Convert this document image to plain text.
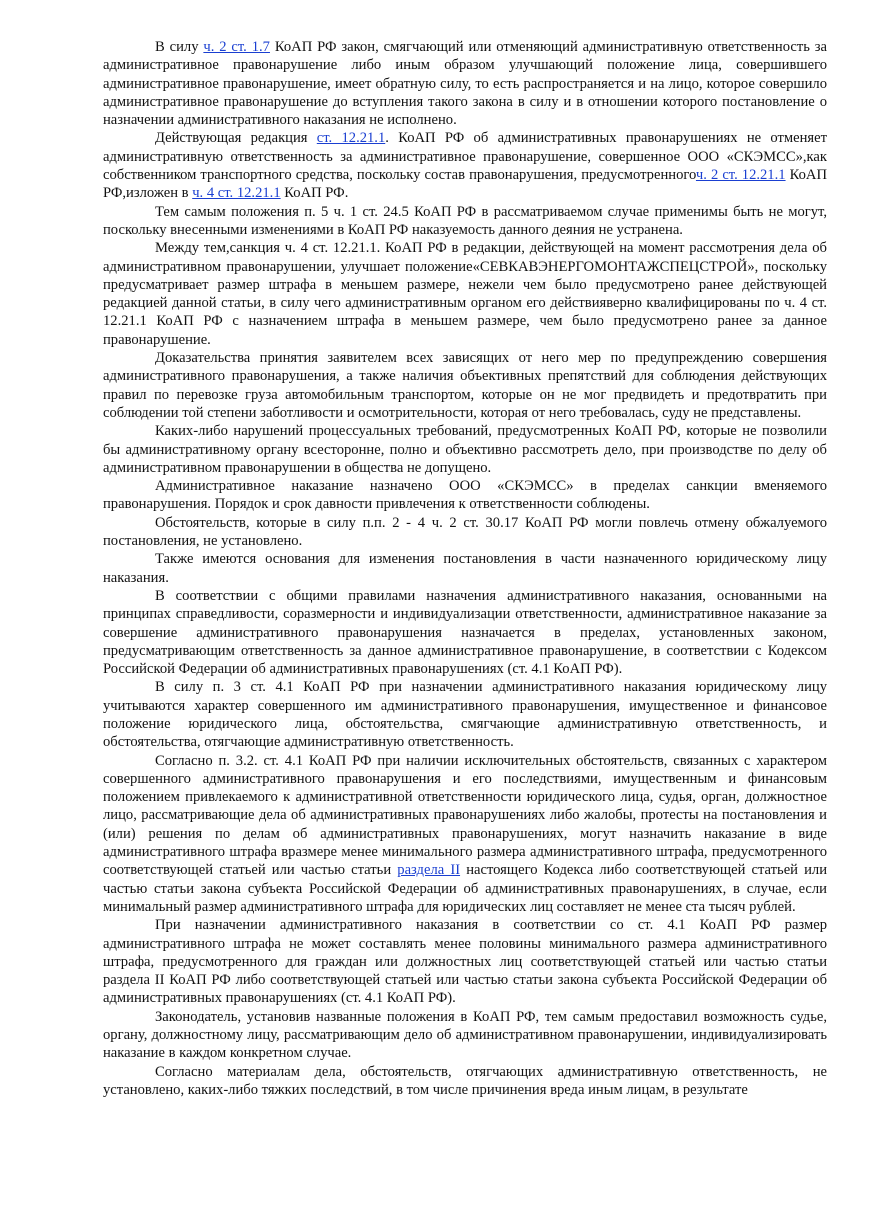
В силу ч. 2 ст. 1.7 КоАП РФ закон, смягчающий или отменяющий административную ответственность за административное правонарушение либо иным образом улучшающий положение лица, совершившего административное правонарушение, имеет обратную силу, то есть распространяется и на лицо, которое совершило административное правонарушение до вступления такого закона в силу и в отношении которого постановление о назначении административного наказания не исполнено.

Действующая редакция ст. 12.21.1. КоАП РФ об административных правонарушениях не отменяет административную ответственность за административное правонарушение, совершенное ООО «СКЭМСС»,как собственником транспортного средства, поскольку состав правонарушения, предусмотренногоч. 2 ст. 12.21.1 КоАП РФ,изложен в ч. 4 ст. 12.21.1 КоАП РФ.

Тем самым положения п. 5 ч. 1 ст. 24.5 КоАП РФ в рассматриваемом случае применимы быть не могут, поскольку внесенными изменениями в КоАП РФ наказуемость данного деяния не устранена.

Между тем,санкция ч. 4 ст. 12.21.1. КоАП РФ в редакции, действующей на момент рассмотрения дела об административном правонарушении, улучшает положение«СЕВКАВЭНЕРГОМОНТАЖСПЕЦСТРОЙ», поскольку предусматривает размер штрафа в меньшем размере, нежели чем было предусмотрено ранее действующей редакцией данной статьи, в силу чего административным органом его действияверно квалифицированы по ч. 4 ст. 12.21.1 КоАП РФ с назначением штрафа в меньшем размере, чем было предусмотрено ранее за данное правонарушение.

Доказательства принятия заявителем всех зависящих от него мер по предупреждению совершения административного правонарушения, а также наличия объективных препятствий для соблюдения действующих правил по перевозке груза автомобильным транспортом, которые он не мог предвидеть и предотвратить при соблюдении той степени заботливости и осмотрительности, которая от него требовалась, суду не представлены.

Каких-либо нарушений процессуальных требований, предусмотренных КоАП РФ, которые не позволили бы административному органу всесторонне, полно и объективно рассмотреть дело, при производстве по делу об административном правонарушении в общества не допущено.

Административное наказание назначено ООО «СКЭМСС» в пределах санкции вменяемого правонарушения. Порядок и срок давности привлечения к ответственности соблюдены.

Обстоятельств, которые в силу п.п. 2 - 4 ч. 2 ст. 30.17 КоАП РФ могли повлечь отмену обжалуемого постановления, не установлено.

Также имеются основания для изменения постановления в части назначенного юридическому лицу наказания.

В соответствии с общими правилами назначения административного наказания, основанными на принципах справедливости, соразмерности и индивидуализации ответственности, административное наказание за совершение административного правонарушения назначается в пределах, установленных законом, предусматривающим ответственность за данное административное правонарушение, в соответствии с Кодексом Российской Федерации об административных правонарушениях (ст. 4.1 КоАП РФ).

В силу п. 3 ст. 4.1 КоАП РФ при назначении административного наказания юридическому лицу учитываются характер совершенного им административного правонарушения, имущественное и финансовое положение юридического лица, обстоятельства, смягчающие административную ответственность, и обстоятельства, отягчающие административную ответственность.

Согласно п. 3.2. ст. 4.1 КоАП РФ при наличии исключительных обстоятельств, связанных с характером совершенного административного правонарушения и его последствиями, имущественным и финансовым положением привлекаемого к административной ответственности юридического лица, судья, орган, должностное лицо, рассматривающие дела об административных правонарушениях либо жалобы, протесты на постановления и (или) решения по делам об административных правонарушениях, могут назначить наказание в виде административного штрафа вразмере менее минимального размера административного штрафа, предусмотренного соответствующей статьей или частью статьи раздела II настоящего Кодекса либо соответствующей статьей или частью статьи закона субъекта Российской Федерации об административных правонарушениях, в случае, если минимальный размер административного штрафа для юридических лиц составляет не менее ста тысяч рублей.

При назначении административного наказания в соответствии со ст. 4.1 КоАП РФ размер административного штрафа не может составлять менее половины минимального размера административного штрафа, предусмотренного для граждан или должностных лиц соответствующей статьей или частью статьи раздела II КоАП РФ либо соответствующей статьей или частью статьи закона субъекта Российской Федерации об административных правонарушениях (ст. 4.1 КоАП РФ).

Законодатель, установив названные положения в КоАП РФ, тем самым предоставил возможность судье, органу, должностному лицу, рассматривающим дело об административном правонарушении, индивидуализировать наказание в каждом конкретном случае.

Согласно материалам дела, обстоятельств, отягчающих административную ответственность, не установлено, каких-либо тяжких последствий, в том числе причинения вреда иным лицам, в результате
